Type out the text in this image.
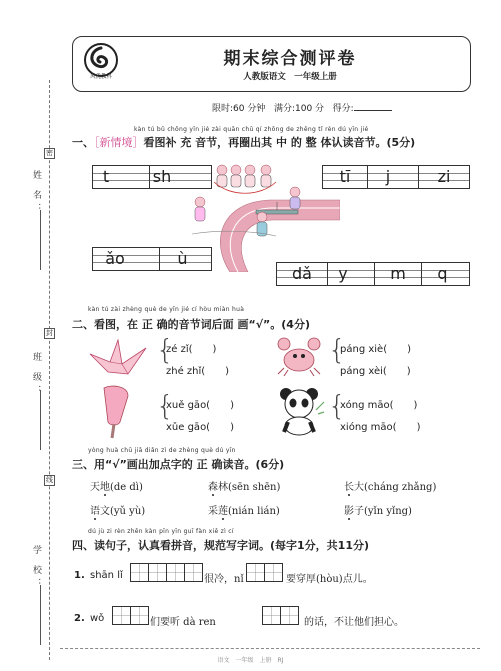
密
封
线
姓 名：
班 级：
学 校：
风优教科
期末综合测评卷
人教版语文　一年级上册
限时:60 分钟 满分:100 分 得分:
kàn tú bǔ chōng yīn jié zài quān chū qí zhōng de zhěng tǐ rèn dú yīn jié
一、［新情境］看图补 充 音节，再圈出其 中 的 整 体认读音节。(5分)
t	sh	tī	j	zi
ǎo	ù
dǎ	y	m	q
kàn tú zài zhèng què de yīn jié cí hòu miàn huà
二、看图，在 正 确的音节词后面 画“√”。(4分)
{
zé zǐ(　　)
zhé zhǐ(　　)
{
páng xiè(　　)
páng xèi(　　)
{
xuě gāo(　　)
xǔe gāo(　　)
{
xóng māo(　　)
xióng māo(　　)
yòng huà chū jiā diǎn zì de zhèng què dú yīn
三、用“√”画出加点字的 正 确读音。(6分)
天地(de dì)	森林(sēn shēn)	长大(cháng zhǎng)
语文(yǔ yù)	采莲(nián lián)	影子(yǐn yǐng)
dú jù zi rèn zhēn kàn pīn yīn guī fàn xiě zì cí
四、读句子，认真看拼音，规范写字词。(每字1分，共11分)
1. shān lǐ	很冷，nǐ	要穿厚(hòu)点儿。
2. wǒ	们要听 dà ren	的话，不让他们担心。
语文　一年级　上册　RJ
